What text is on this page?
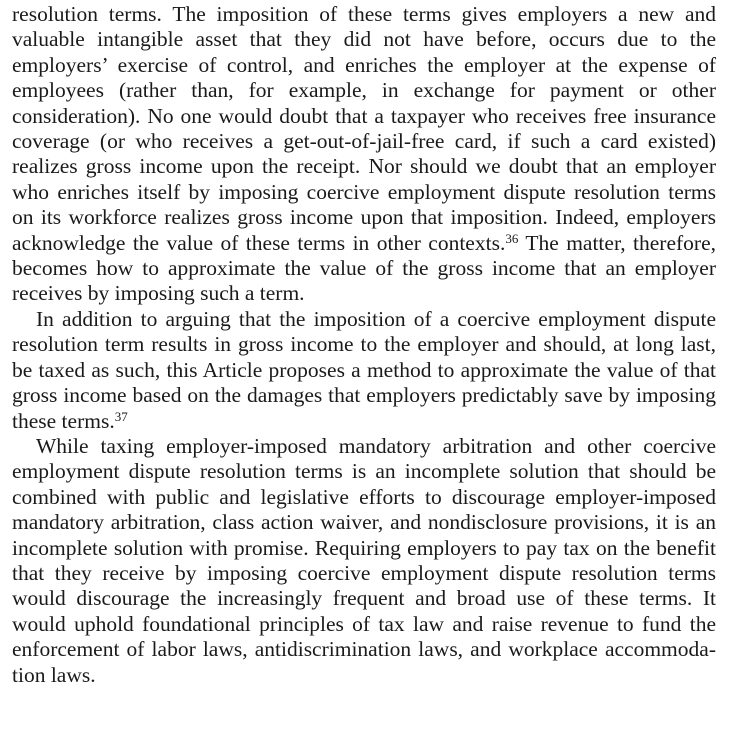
resolution terms. The imposition of these terms gives employers a new and valuable intangible asset that they did not have before, occurs due to the employers’ exercise of control, and enriches the employer at the expense of employees (rather than, for example, in exchange for payment or other consideration). No one would doubt that a taxpayer who receives free insurance coverage (or who receives a get-out-of-jail-free card, if such a card existed) realizes gross income upon the receipt. Nor should we doubt that an employer who enriches itself by imposing coercive employment dispute resolution terms on its workforce realizes gross income upon that imposition. Indeed, employers acknowledge the value of these terms in other contexts.$^{36}$ The matter, therefore, becomes how to approximate the value of the gross income that an employer receives by imposing such a term.

In addition to arguing that the imposition of a coercive employment dispute resolution term results in gross income to the employer and should, at long last, be taxed as such, this Article proposes a method to approximate the value of that gross income based on the damages that employers predictably save by imposing these terms.$^{37}$

While taxing employer-imposed mandatory arbitration and other coercive employment dispute resolution terms is an incomplete solution that should be combined with public and legislative efforts to discourage employer-imposed mandatory arbitration, class action waiver, and nondisclosure provisions, it is an incomplete solution with promise. Requiring employers to pay tax on the benefit that they receive by imposing coercive employment dispute resolution terms would discourage the increasingly frequent and broad use of these terms. It would uphold foundational principles of tax law and raise revenue to fund the enforcement of labor laws, antidiscrimination laws, and workplace accommodation laws.
